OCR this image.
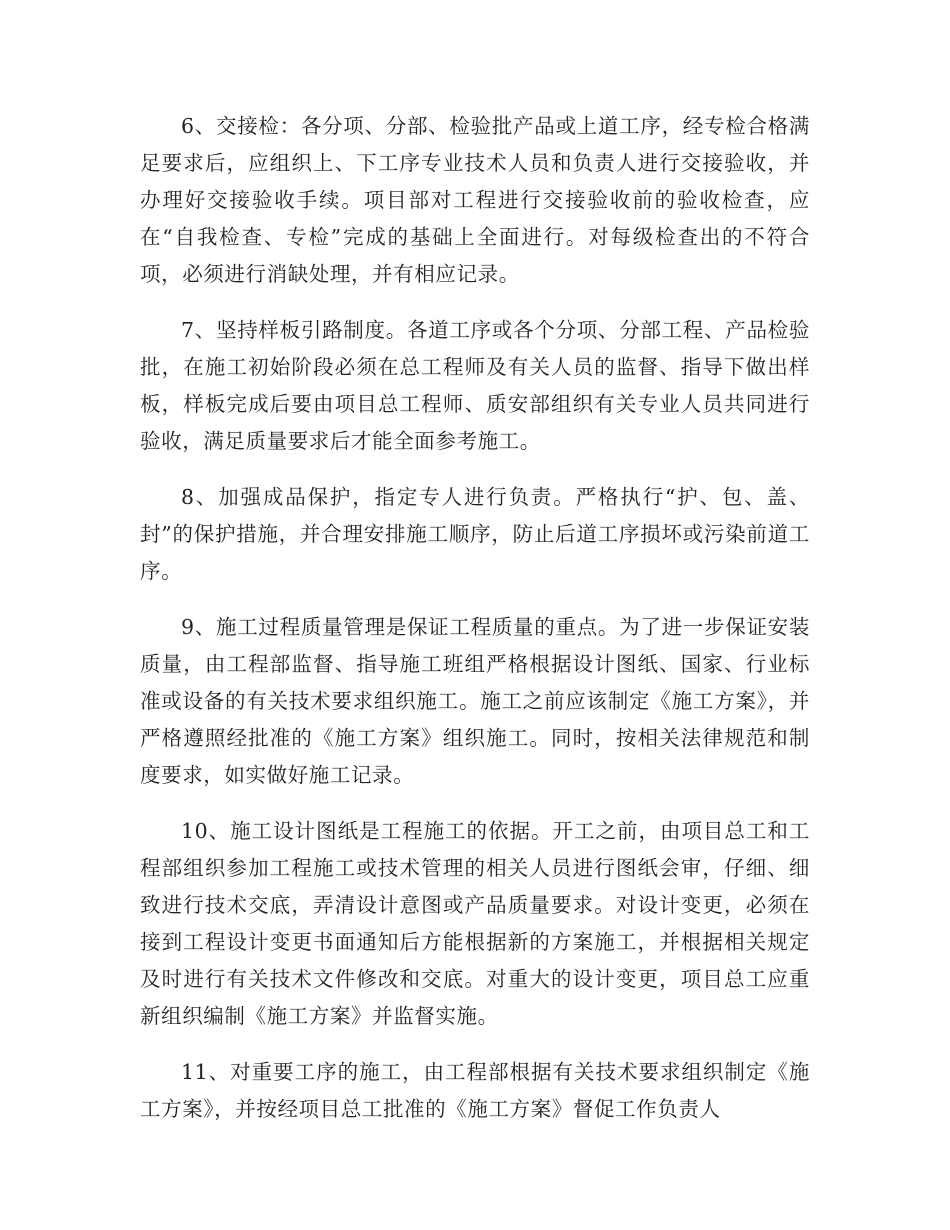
6、交接检：各分项、分部、检验批产品或上道工序，经专检合格满足要求后，应组织上、下工序专业技术人员和负责人进行交接验收，并办理好交接验收手续。项目部对工程进行交接验收前的验收检查，应在“自我检查、专检”完成的基础上全面进行。对每级检查出的不符合项，必须进行消缺处理，并有相应记录。

7、坚持样板引路制度。各道工序或各个分项、分部工程、产品检验批，在施工初始阶段必须在总工程师及有关人员的监督、指导下做出样板，样板完成后要由项目总工程师、质安部组织有关专业人员共同进行验收，满足质量要求后才能全面参考施工。

8、加强成品保护，指定专人进行负责。严格执行“护、包、盖、封”的保护措施，并合理安排施工顺序，防止后道工序损坏或污染前道工序。

9、施工过程质量管理是保证工程质量的重点。为了进一步保证安装质量，由工程部监督、指导施工班组严格根据设计图纸、国家、行业标准或设备的有关技术要求组织施工。施工之前应该制定《施工方案》，并严格遵照经批准的《施工方案》组织施工。同时，按相关法律规范和制度要求，如实做好施工记录。

10、施工设计图纸是工程施工的依据。开工之前，由项目总工和工程部组织参加工程施工或技术管理的相关人员进行图纸会审，仔细、细致进行技术交底，弄清设计意图或产品质量要求。对设计变更，必须在接到工程设计变更书面通知后方能根据新的方案施工，并根据相关规定及时进行有关技术文件修改和交底。对重大的设计变更，项目总工应重新组织编制《施工方案》并监督实施。

11、对重要工序的施工，由工程部根据有关技术要求组织制定《施工方案》，并按经项目总工批准的《施工方案》督促工作负责人
